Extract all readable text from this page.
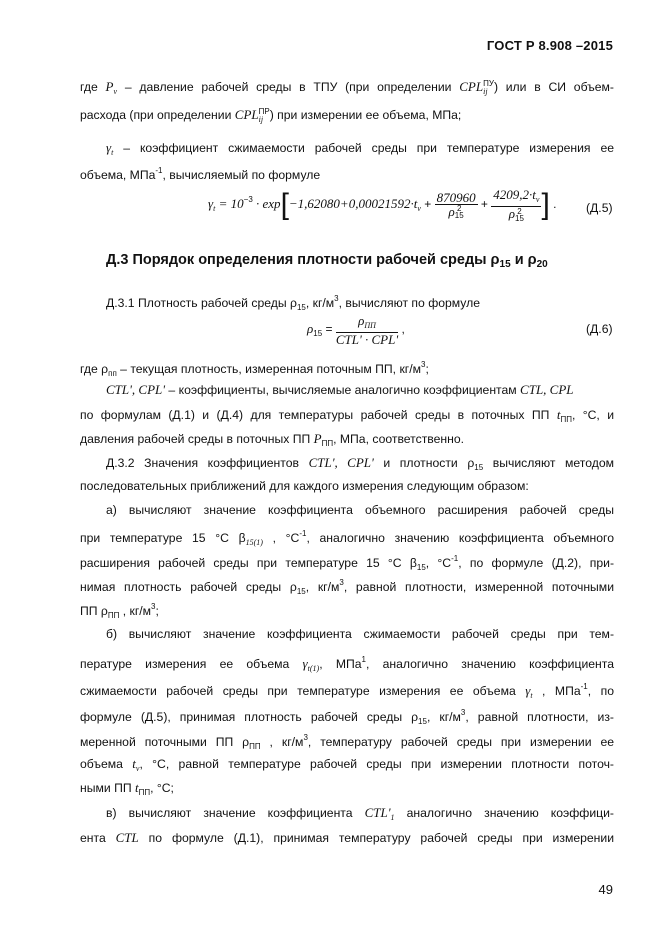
ГОСТ Р 8.908 –2015
где $P_v$ – давление рабочей среды в ТПУ (при определении CPL ПУ
ij ) или в СИ объем-
расхода (при определении CPL ПР
ij ) при измерении ее объема, МПа;
$\gamma_t$ – коэффициент сжимаемости рабочей среды при температуре измерения ее
объема, МПа$^{-1}$, вычисляемый по формуле
$\gamma_t = 10^{-3} \cdot \exp[-1,62080+0,00021592\cdot t_v + 870960$
ρ 2
$15 + 4209,2\cdot t_v$
ρ 2
15 ] . (Д.5)
Д.3 Порядок определения плотности рабочей среды $\rho_{15}$ и $\rho_{20}$
Д.3.1 Плотность рабочей среды $\rho_{15}$, $кг/м^3$, вычисляют по формуле
$\rho_{15} = \frac{\rho_{ПП}}{\text{CTL' · CPL'}}$ ,	(Д.6)
где $\rho_{пп}$ – текущая плотность, измеренная поточным ПП, $кг/м^3$;
CTL', CPL' – коэффициенты, вычисляемые аналогично коэффициентам CTL, CPL
по формулам (Д.1) и (Д.4) для температуры рабочей среды в поточных ПП $t_{ПП}$, °С, и
давления рабочей среды в поточных ПП $P_{ПП}$, МПа, соответственно.
Д.3.2 Значения коэффициентов CTL', CPL' и плотности $\rho_{15}$ вычисляют методом
последовательных приближений для каждого измерения следующим образом:
а) вычисляют значение коэффициента объемного расширения рабочей среды
при температуре 15 °С $\beta_{15(1)}$ , $^\circ С^{-1}$, аналогично значению коэффициента объемного
расширения рабочей среды при температуре 15 °С $\beta_{15}$, $^\circ С^{-1}$, по формуле (Д.2), при-
нимая плотность рабочей среды $\rho_{15}$, $кг/м^3$, равной плотности, измеренной поточными
ПП $\rho_{ПП}$ , $кг/м^3$;
б) вычисляют значение коэффициента сжимаемости рабочей среды при тем-
пературе измерения ее объема $\gamma_{t(1)}$, МПа$^1$, аналогично значению коэффициента
сжимаемости рабочей среды при температуре измерения ее объема $\gamma_t$ , МПа$^{-1}$, по
формуле (Д.5), принимая плотность рабочей среды $\rho_{15}$, $кг/м^3$, равной плотности, из-
меренной поточными ПП $\rho_{ПП}$ , $кг/м^3$, температуру рабочей среды при измерении ее
объема $t_v$, °С, равной температуре рабочей среды при измерении плотности поточ-
ными ПП $t_{ПП}$, °С;
в) вычисляют значение коэффициента $CTL'_1$ аналогично значению коэффици-
ента CTL по формуле (Д.1), принимая температуру рабочей среды при измерении
49
